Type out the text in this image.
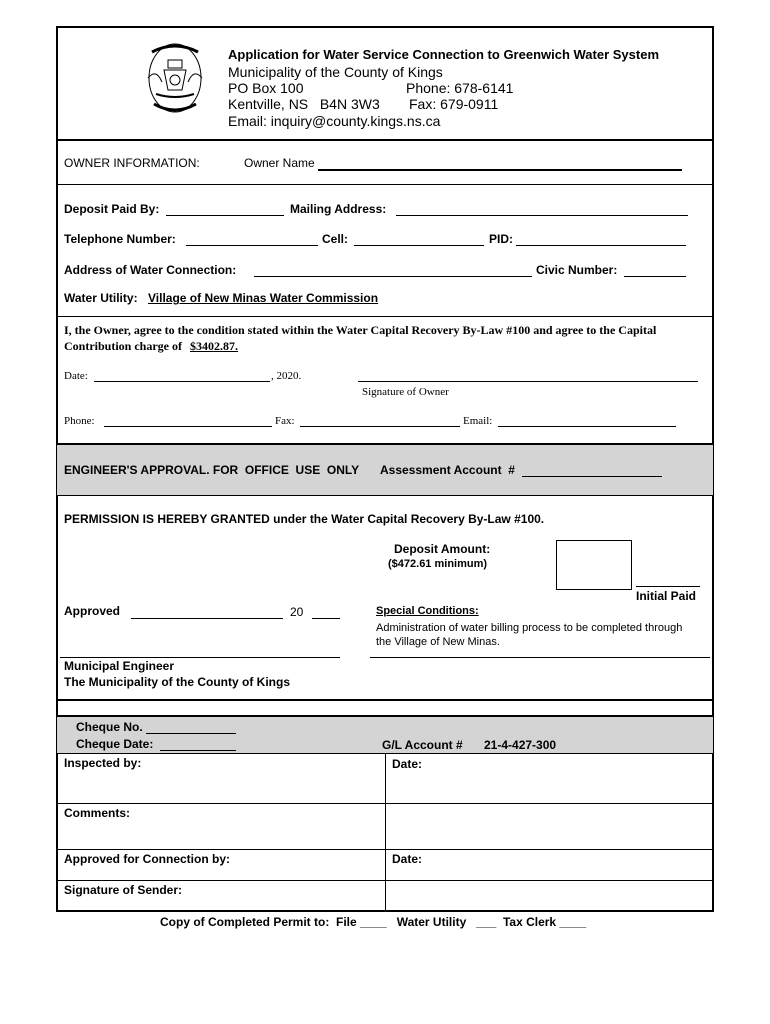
Application for Water Service Connection to Greenwich Water System
Municipality of the County of Kings
PO Box 100	Phone: 678-6141
Kentville, NS   B4N 3W3 Fax: 679-0911
Email: inquiry@county.kings.ns.ca
OWNER INFORMATION:	Owner Name
Deposit Paid By:	Mailing Address:
Telephone Number:	Cell:	PID:
Address of Water Connection:	Civic Number:
Water Utility: Village of New Minas Water Commission
I, the Owner, agree to the condition stated within the Water Capital Recovery By-Law #100 and agree to the Capital
Contribution charge of $3402.87.
Date:	, 2020.
Signature of Owner
Phone:	Fax:	Email:
ENGINEER'S APPROVAL. FOR  OFFICE  USE  ONLY Assessment Account  #
PERMISSION IS HEREBY GRANTED under the Water Capital Recovery By-Law #100.
Deposit Amount:
($472.61 minimum)
Initial Paid
Approved	20	Special Conditions:
Administration of water billing process to be completed through
the Village of New Minas.
Municipal Engineer
The Municipality of the County of Kings
Cheque No.
Cheque Date:	G/L Account # 21-4-427-300
Inspected by:	Date:
Comments:
Approved for Connection by:	Date:
Signature of Sender:
Copy of Completed Permit to:  File ____   Water Utility   ___  Tax Clerk ____
